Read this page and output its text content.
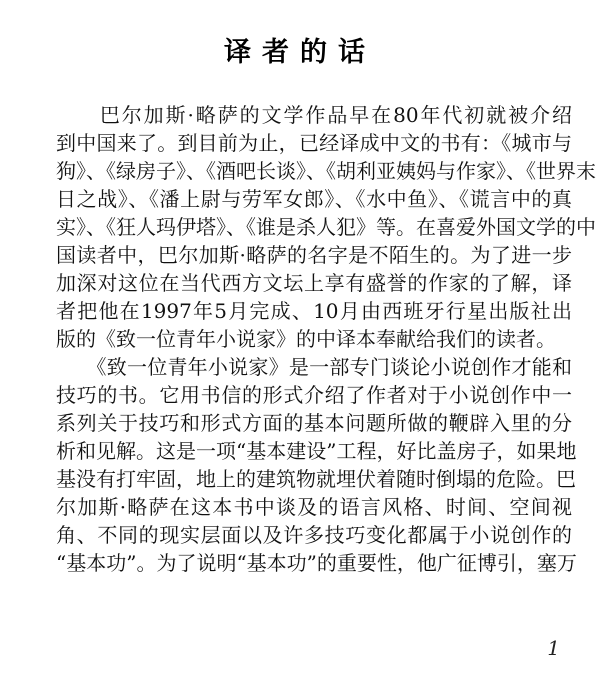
译者的话
　　巴尔加斯·略萨的文学作品早在80年代初就被介绍
到中国来了。到目前为止，已经译成中文的书有：《城市与
狗》、《绿房子》、《酒吧长谈》、《胡利亚姨妈与作家》、《世界末
日之战》、《潘上尉与劳军女郎》、《水中鱼》、《谎言中的真
实》、《狂人玛伊塔》、《谁是杀人犯》等。在喜爱外国文学的中
国读者中，巴尔加斯·略萨的名字是不陌生的。为了进一步
加深对这位在当代西方文坛上享有盛誉的作家的了解，译
者把他在1997年5月完成、10月由西班牙行星出版社出
版的《致一位青年小说家》的中译本奉献给我们的读者。
　　《致一位青年小说家》是一部专门谈论小说创作才能和
技巧的书。它用书信的形式介绍了作者对于小说创作中一
系列关于技巧和形式方面的基本问题所做的鞭辟入里的分
析和见解。这是一项“基本建设”工程，好比盖房子，如果地
基没有打牢固，地上的建筑物就埋伏着随时倒塌的危险。巴
尔加斯·略萨在这本书中谈及的语言风格、时间、空间视
角、不同的现实层面以及许多技巧变化都属于小说创作的
“基本功”。为了说明“基本功”的重要性，他广征博引，塞万
1
